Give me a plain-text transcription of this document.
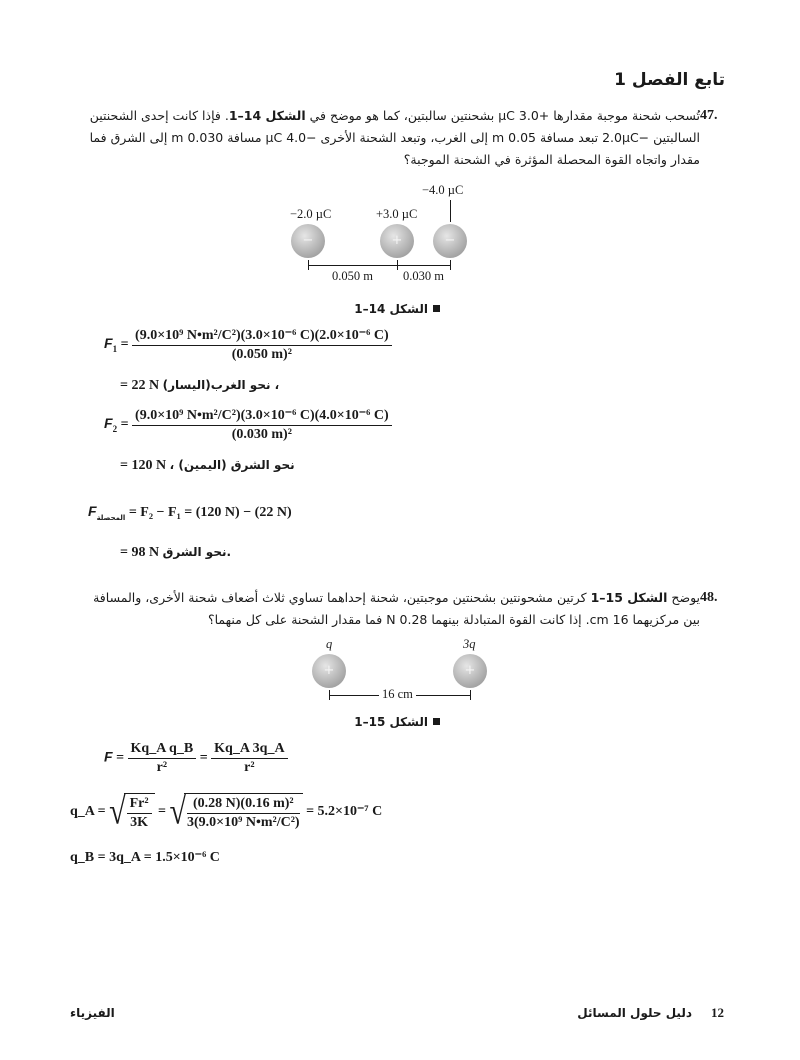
تابع الفصل 1
47.
تُسحب شحنة موجبة مقدارها +3.0 µC بشحنتين سالبتين، كما هو موضح في الشكل 14–1. فإذا كانت إحدى الشحنتين السالبتين −2.0µC تبعد مسافة 0.05 m إلى الغرب، وتبعد الشحنة الأخرى −4.0 µC مسافة 0.030 m إلى الشرق فما مقدار واتجاه القوة المحصلة المؤثرة في الشحنة الموجبة؟
−2.0 µC	+3.0 µC
−4.0 µC
−	+	−
0.050 m 0.030 m
الشكل 14–1
$F_1 = \frac{\text{(9.0×10⁹ N•m²/C²)(3.0×10⁻⁶ C)(2.0×10⁻⁶ C)}}{\text{(0.050 m)²}}$
= 22 N نحو الغرب(اليسار) ،
$F_2 = \frac{\text{(9.0×10⁹ N•m²/C²)(3.0×10⁻⁶ C)(4.0×10⁻⁶ C)}}{\text{(0.030 m)²}}$
= 120 N ، نحو الشرق (اليمين)
$F_{المحصلة} = F_2 - F_1 = (120$ N) − (22 N)
= 98 N نحو الشرق.
48.
يوضح الشكل 15–1 كرتين مشحونتين بشحنتين موجبتين، شحنة إحداهما تساوي ثلاث أضعاف شحنة الأخرى، والمسافة بين مركزيهما 16 cm. إذا كانت القوة المتبادلة بينهما 0.28 N فما مقدار الشحنة على كل منهما؟
q	3q
+	+
16 cm
الشكل 15–1
$F = \frac{\text{Kq\_A q\_B}}{\text{r²}} = \frac{Kq\_A 3q\_A}{\text{r²}}$
q_A = √ $\frac{\text{Fr²}}{3K}$ = √ $\frac{\text{(0.28 N)(0.16 m)²}}{\text{3(9.0×10⁹ N•m²/C²)}} = 5.2\times 10^{-7}$ C
q_B = 3q_A = 1.5×10⁻⁶ C
12
دليل حلول المسائل
الفيزياء
